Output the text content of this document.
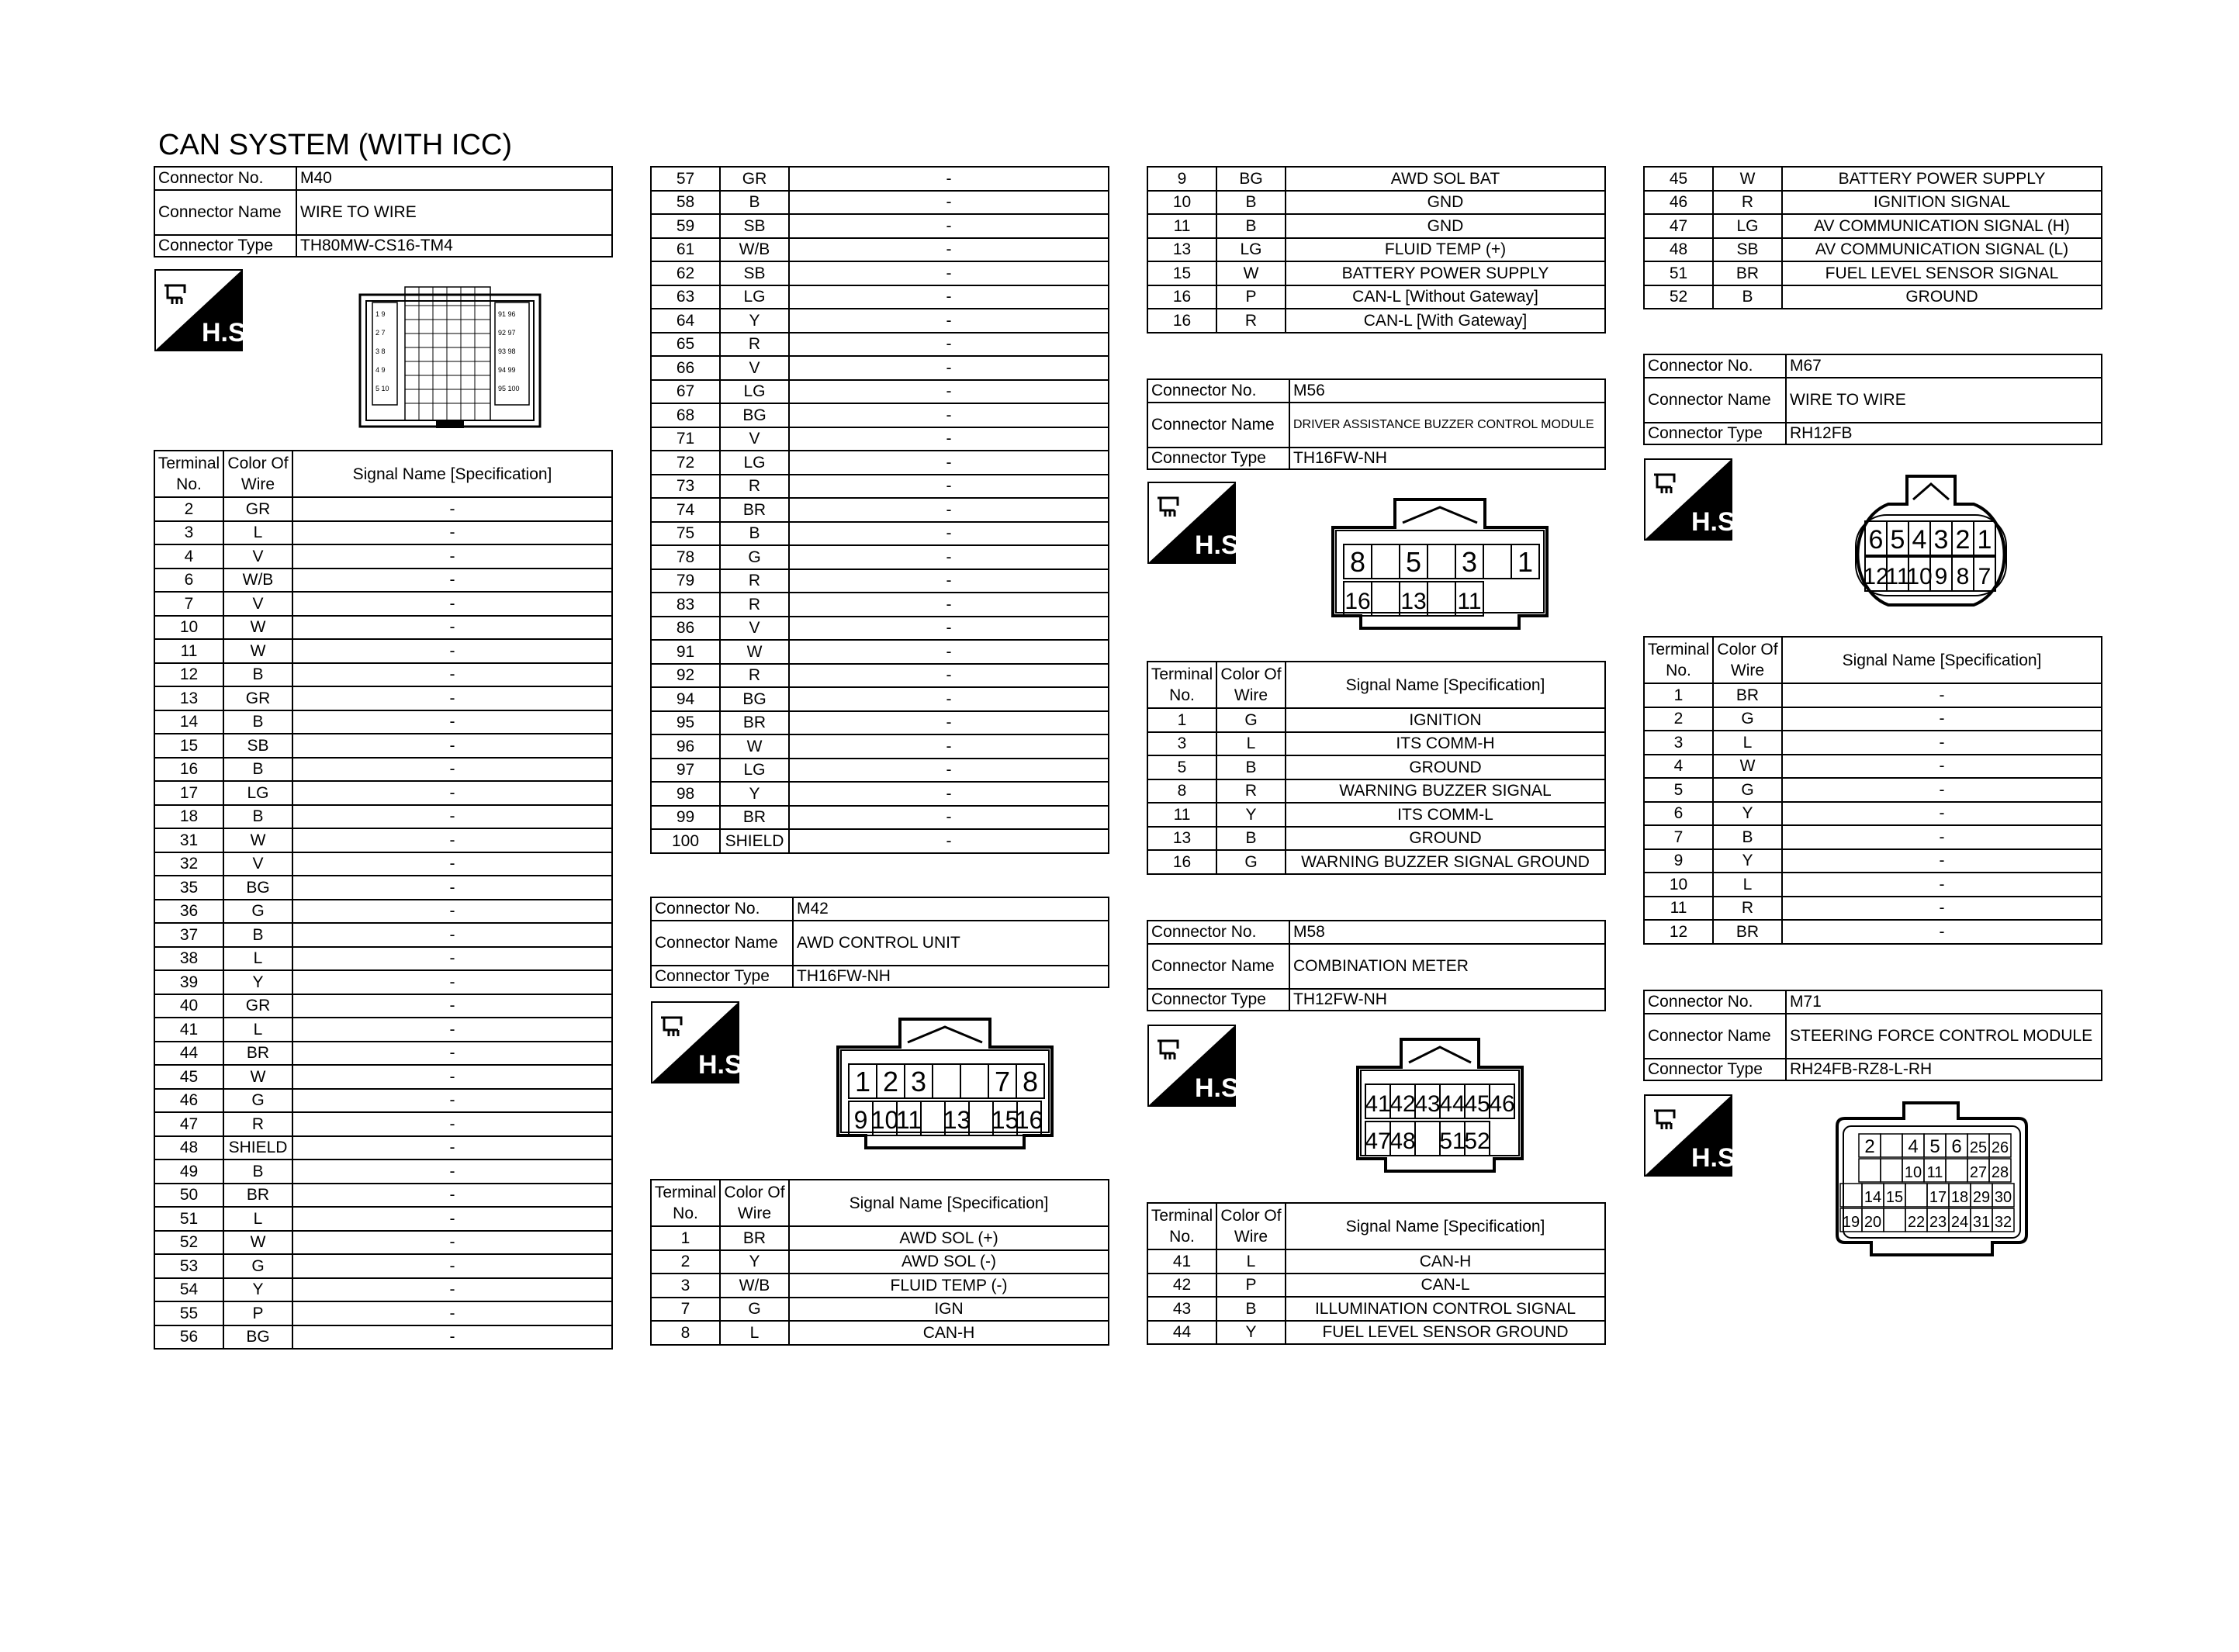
CAN SYSTEM (WITH ICC)
Connector No.	M40
Connector Name	WIRE TO WIRE
Connector Type	TH80MW-CS16-TM4
H.S.
1 9
2 7
3 8
4 9
5 10
91 96
92 97
93 98
94 99
95 100
Terminal No.	Color Of Wire	Signal Name [Specification]
2	GR	-
3	L	-
4	V	-
6	W/B	-
7	V	-
10	W	-
11	W	-
12	B	-
13	GR	-
14	B	-
15	SB	-
16	B	-
17	LG	-
18	B	-
31	W	-
32	V	-
35	BG	-
36	G	-
37	B	-
38	L	-
39	Y	-
40	GR	-
41	L	-
44	BR	-
45	W	-
46	G	-
47	R	-
48	SHIELD	-
49	B	-
50	BR	-
51	L	-
52	W	-
53	G	-
54	Y	-
55	P	-
56	BG	-
57	GR	-
58	B	-
59	SB	-
61	W/B	-
62	SB	-
63	LG	-
64	Y	-
65	R	-
66	V	-
67	LG	-
68	BG	-
71	V	-
72	LG	-
73	R	-
74	BR	-
75	B	-
78	G	-
79	R	-
83	R	-
86	V	-
91	W	-
92	R	-
94	BG	-
95	BR	-
96	W	-
97	LG	-
98	Y	-
99	BR	-
100	SHIELD	-
Connector No.	M42
Connector Name	AWD CONTROL UNIT
Connector Type	TH16FW-NH
H.S.
1 2 3 7 8
9 10
11 13 15
16
Terminal No.	Color Of Wire	Signal Name [Specification]
1	BR	AWD SOL (+)
2	Y	AWD SOL (-)
3	W/B	FLUID TEMP (-)
7	G	IGN
8	L	CAN-H
9	BG	AWD SOL BAT
10	B	GND
11	B	GND
13	LG	FLUID TEMP (+)
15	W	BATTERY POWER SUPPLY
16	P	CAN-L [Without Gateway]
16	R	CAN-L [With Gateway]
Connector No.	M56
Connector Name	DRIVER ASSISTANCE BUZZER CONTROL MODULE
Connector Type	TH16FW-NH
H.S.
8 5 3 1
16 13 11
Terminal No.	Color Of Wire	Signal Name [Specification]
1	G	IGNITION
3	L	ITS COMM-H
5	B	GROUND
8	R	WARNING BUZZER SIGNAL
11	Y	ITS COMM-L
13	B	GROUND
16	G	WARNING BUZZER SIGNAL GROUND
Connector No.	M58
Connector Name	COMBINATION METER
Connector Type	TH12FW-NH
H.S.
41
42
43
44
45
46
47
48 51
52
Terminal No.	Color Of Wire	Signal Name [Specification]
41	L	CAN-H
42	P	CAN-L
43	B	ILLUMINATION CONTROL SIGNAL
44	Y	FUEL LEVEL SENSOR GROUND
45	W	BATTERY POWER SUPPLY
46	R	IGNITION SIGNAL
47	LG	AV COMMUNICATION SIGNAL (H)
48	SB	AV COMMUNICATION SIGNAL (L)
51	BR	FUEL LEVEL SENSOR SIGNAL
52	B	GROUND
Connector No.	M67
Connector Name	WIRE TO WIRE
Connector Type	RH12FB
H.S.
6 5 4 3 2 1
12
11
10 9 8 7
Terminal No.	Color Of Wire	Signal Name [Specification]
1	BR	-
2	G	-
3	L	-
4	W	-
5	G	-
6	Y	-
7	B	-
9	Y	-
10	L	-
11	R	-
12	BR	-
Connector No.	M71
Connector Name	STEERING FORCE CONTROL MODULE
Connector Type	RH24FB-RZ8-L-RH
H.S.	2 4 5 6 25 26
10 11 27 28
14 15 17 18 29 30
19 20 22 23 24 31 32
